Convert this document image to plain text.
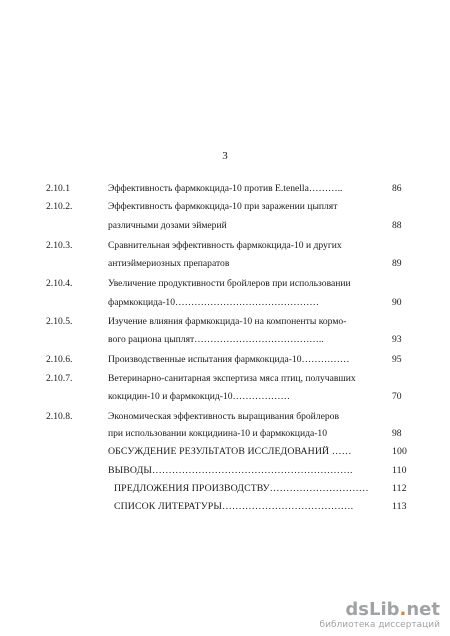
3
2.10.1	Эффективность фармкокцида-10 против E.tenella………..	86
2.10.2.	Эффективность фармкокцида-10 при заражении цыплят
различными дозами эймерий	88
2.10.3.	Сравнительная эффективность фармкокцида-10 и других
антиэймериозных препаратов	89
2.10.4.	Увеличение продуктивности бройлеров при использовании
фармкокцида-10………………………………………	90
2.10.5.	Изучение влияния фармкокцида-10 на компоненты кормо-
вого рациона цыплят…………………………………..	93
2.10.6.	Производственные испытания фармкокцида-10……………	95
2.10.7.	Ветеринарно-санитарная экспертиза мяса птиц, получавших
кокцидин-10 и фармкокцид-10………………	70
2.10.8.	Экономическая эффективность выращивания бройлеров
при использовании кокцидиина-10 и фармкокцида-10	98
ОБСУЖДЕНИЕ РЕЗУЛЬТАТОВ ИССЛЕДОВАНИЙ ……	100
ВЫВОДЫ…………………………………………………….	110
ПРЕДЛОЖЕНИЯ ПРОИЗВОДСТВУ………………………… 112
СПИСОК ЛИТЕРАТУРЫ………………………………….	113
dsLib.net
библиотека диссертаций
